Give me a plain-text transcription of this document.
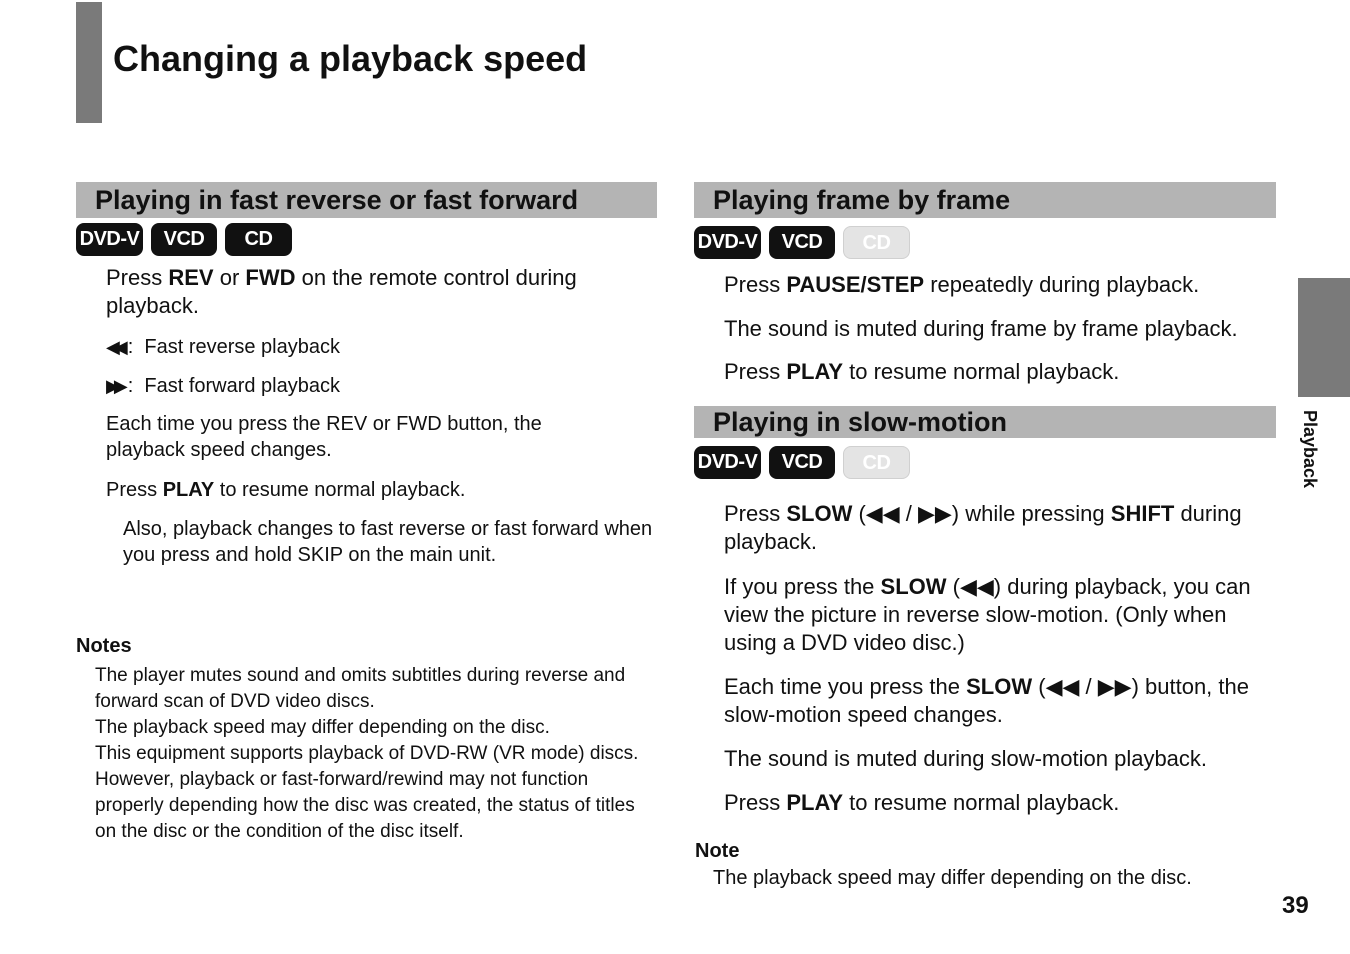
Changing a playback speed
Playing in fast reverse or fast forward
DVD-V	VCD	CD

Press REV or FWD on the remote control during playback.

◀◀ :  Fast reverse playback
▶▶ :  Fast forward playback

Each time you press the REV or FWD button, the playback speed changes.

Press PLAY to resume normal playback.

Also, playback changes to fast reverse or fast forward when you press and hold SKIP on the main unit.

Notes
The player mutes sound and omits subtitles during reverse and forward scan of DVD video discs.
The playback speed may differ depending on the disc.
This equipment supports playback of DVD-RW (VR mode) discs. However, playback or fast-forward/rewind may not function properly depending how the disc was created, the status of titles on the disc or the condition of the disc itself.
Playing frame by frame
DVD-V	VCD	CD

Press PAUSE/STEP repeatedly during playback.

The sound is muted during frame by frame playback.

Press PLAY to resume normal playback.

Playing in slow-motion
DVD-V	VCD	CD

Press SLOW (◀◀ / ▶▶) while pressing SHIFT during playback.

If you press the SLOW (◀◀) during playback, you can view the picture in reverse slow-motion. (Only when using a DVD video disc.)

Each time you press the SLOW (◀◀ / ▶▶) button, the slow-motion speed changes.

The sound is muted during slow-motion playback.

Press PLAY to resume normal playback.

Note
The playback speed may differ depending on the disc.
Playback
39
